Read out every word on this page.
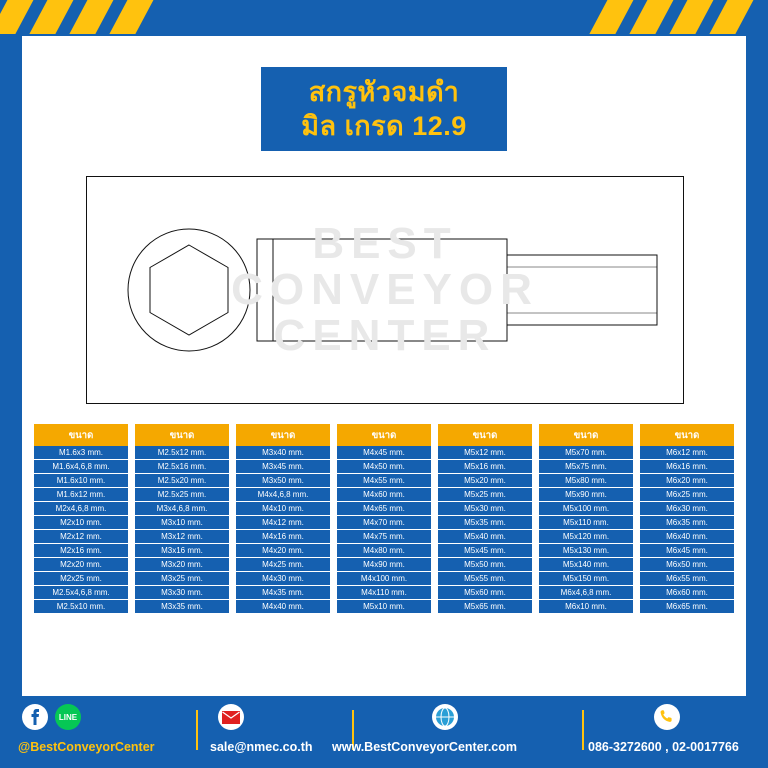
สกรูหัวจมดำ
มิล เกรด 12.9
BEST
CONVEYOR
CENTER
ขนาด
M1.6x3 mm.
M1.6x4,6,8 mm.
M1.6x10 mm.
M1.6x12 mm.
M2x4,6,8 mm.
M2x10 mm.
M2x12 mm.
M2x16 mm.
M2x20 mm.
M2x25 mm.
M2.5x4,6,8 mm.
M2.5x10 mm.
ขนาด
M2.5x12 mm.
M2.5x16 mm.
M2.5x20 mm.
M2.5x25 mm.
M3x4,6,8 mm.
M3x10 mm.
M3x12 mm.
M3x16 mm.
M3x20 mm.
M3x25 mm.
M3x30 mm.
M3x35 mm.
ขนาด
M3x40 mm.
M3x45 mm.
M3x50 mm.
M4x4,6,8 mm.
M4x10 mm.
M4x12 mm.
M4x16 mm.
M4x20 mm.
M4x25 mm.
M4x30 mm.
M4x35 mm.
M4x40 mm.
ขนาด
M4x45 mm.
M4x50 mm.
M4x55 mm.
M4x60 mm.
M4x65 mm.
M4x70 mm.
M4x75 mm.
M4x80 mm.
M4x90 mm.
M4x100 mm.
M4x110 mm.
M5x10 mm.
ขนาด
M5x12 mm.
M5x16 mm.
M5x20 mm.
M5x25 mm.
M5x30 mm.
M5x35 mm.
M5x40 mm.
M5x45 mm.
M5x50 mm.
M5x55 mm.
M5x60 mm.
M5x65 mm.
ขนาด
M5x70 mm.
M5x75 mm.
M5x80 mm.
M5x90 mm.
M5x100 mm.
M5x110 mm.
M5x120 mm.
M5x130 mm.
M5x140 mm.
M5x150 mm.
M6x4,6,8 mm.
M6x10 mm.
ขนาด
M6x12 mm.
M6x16 mm.
M6x20 mm.
M6x25 mm.
M6x30 mm.
M6x35 mm.
M6x40 mm.
M6x45 mm.
M6x50 mm.
M6x55 mm.
M6x60 mm.
M6x65 mm.
LINE
@BestConveyorCenter	sale@nmec.co.th www.BestConveyorCenter.com	086-3272600 , 02-0017766
